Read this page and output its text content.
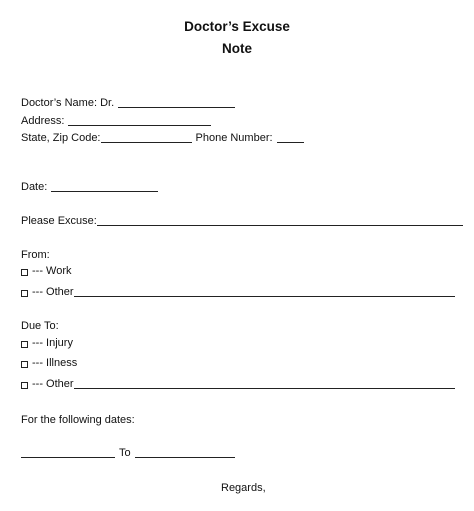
Doctor’s Excuse
Note
Doctor’s Name: Dr.
Address:
State, Zip Code:	Phone Number:
Date:
Please Excuse:
From:
--- Work
--- Other
Due To:
--- Injury
--- Illness
--- Other
For the following dates:
To
Regards,
